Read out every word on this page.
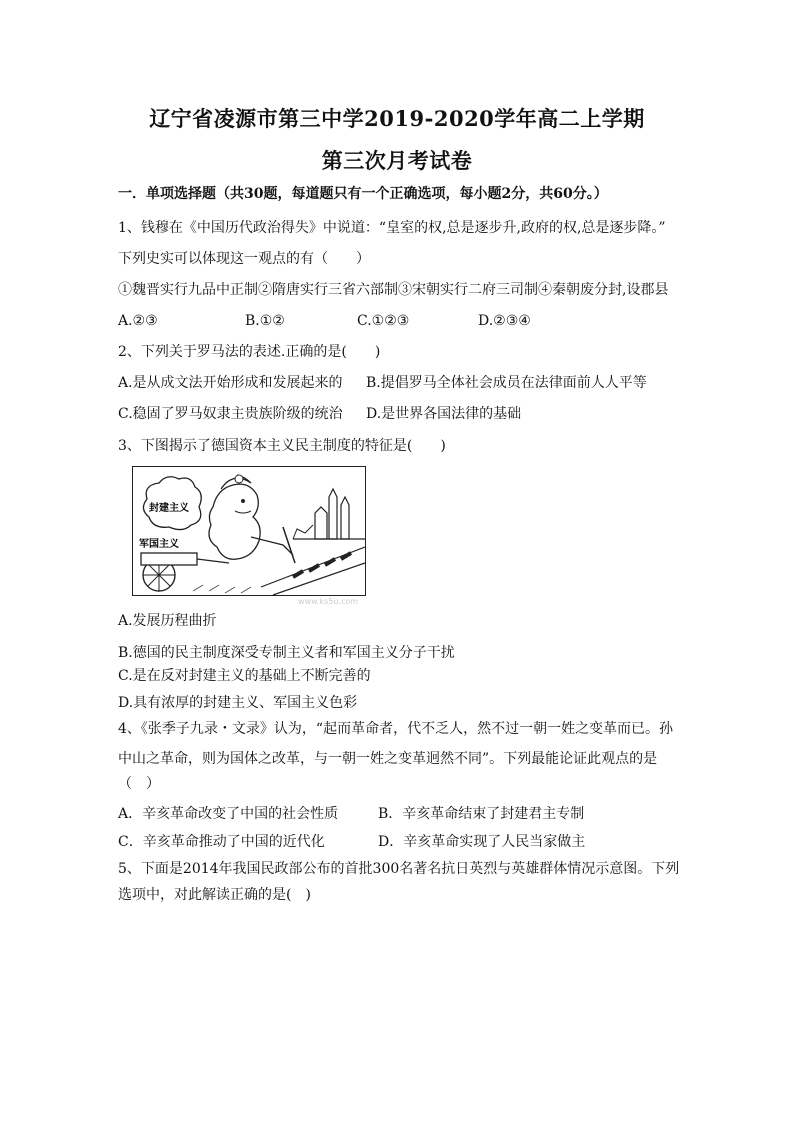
辽宁省凌源市第三中学2019-2020学年高二上学期
第三次月考试卷
一．单项选择题（共30题，每道题只有一个正确选项，每小题2分，共60分。）
1、钱穆在《中国历代政治得失》中说道：“皇室的权,总是逐步升,政府的权,总是逐步降。”
下列史实可以体现这一观点的有（　　）
①魏晋实行九品中正制②隋唐实行三省六部制③宋朝实行二府三司制④秦朝废分封,设郡县
A.②③	B.①②	C.①②③	D.②③④
2、下列关于罗马法的表述.正确的是(　　)
A.是从成文法开始形成和发展起来的 B.提倡罗马全体社会成员在法律面前人人平等
C.稳固了罗马奴隶主贵族阶级的统治 D.是世界各国法律的基础
3、下图揭示了德国资本主义民主制度的特征是(　　)
封建主义
军国主义
www.ks5u.com
A.发展历程曲折
B.德国的民主制度深受专制主义者和军国主义分子干扰
C.是在反对封建主义的基础上不断完善的
D.具有浓厚的封建主义、军国主义色彩
4、《张季子九录・文录》认为，“起而革命者，代不乏人，然不过一朝一姓之变革而已。孙
中山之革命，则为国体之改革，与一朝一姓之变革迥然不同”。下列最能论证此观点的是
（　）
A．辛亥革命改变了中国的社会性质	B．辛亥革命结束了封建君主专制
C．辛亥革命推动了中国的近代化	D．辛亥革命实现了人民当家做主
5、下面是2014年我国民政部公布的首批300名著名抗日英烈与英雄群体情况示意图。下列
选项中，对此解读正确的是(　)
